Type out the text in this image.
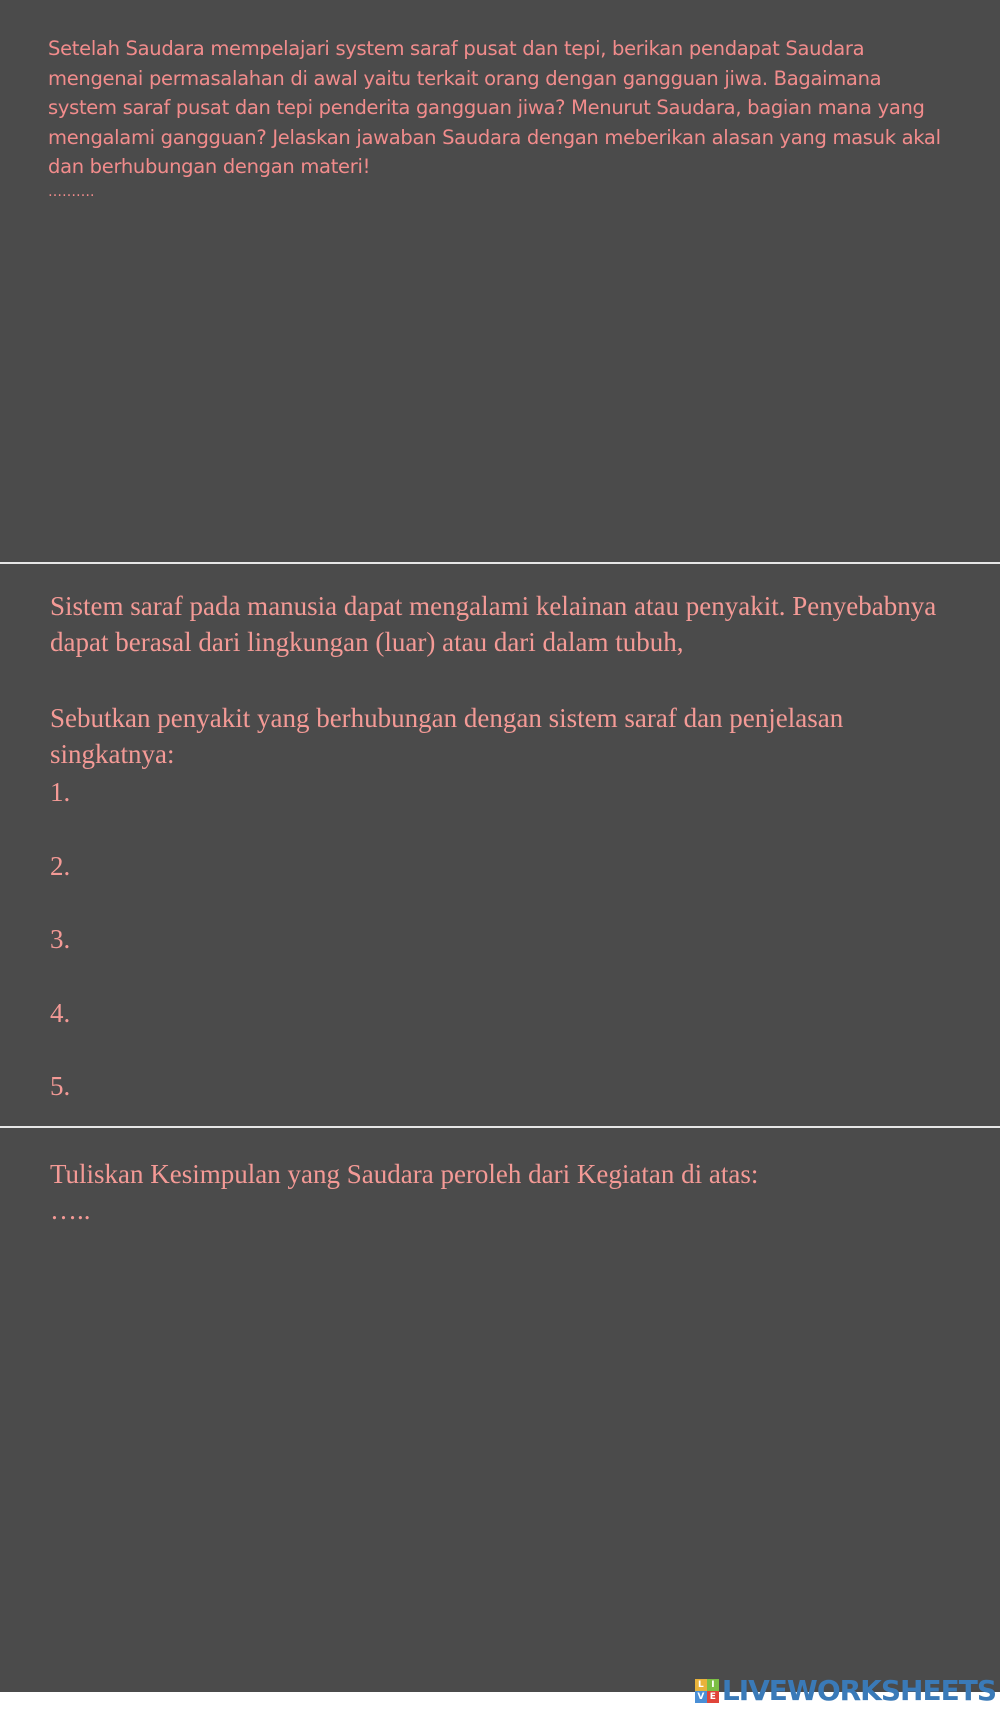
Setelah Saudara mempelajari system saraf pusat dan tepi, berikan pendapat Saudara mengenai permasalahan di awal yaitu terkait orang dengan gangguan jiwa. Bagaimana system saraf pusat dan tepi penderita gangguan jiwa? Menurut Saudara, bagian mana yang mengalami gangguan? Jelaskan jawaban Saudara dengan meberikan alasan yang masuk akal dan berhubungan dengan materi!

……….

Sistem saraf pada manusia dapat mengalami kelainan atau penyakit. Penyebabnya dapat berasal dari lingkungan (luar) atau dari dalam tubuh,

Sebutkan penyakit yang berhubungan dengan sistem saraf dan penjelasan singkatnya:

1.

2.

3.

4.

5.

Tuliskan Kesimpulan yang Saudara peroleh dari Kegiatan di atas:

…..

L I
V E LIVEWORKSHEETS
